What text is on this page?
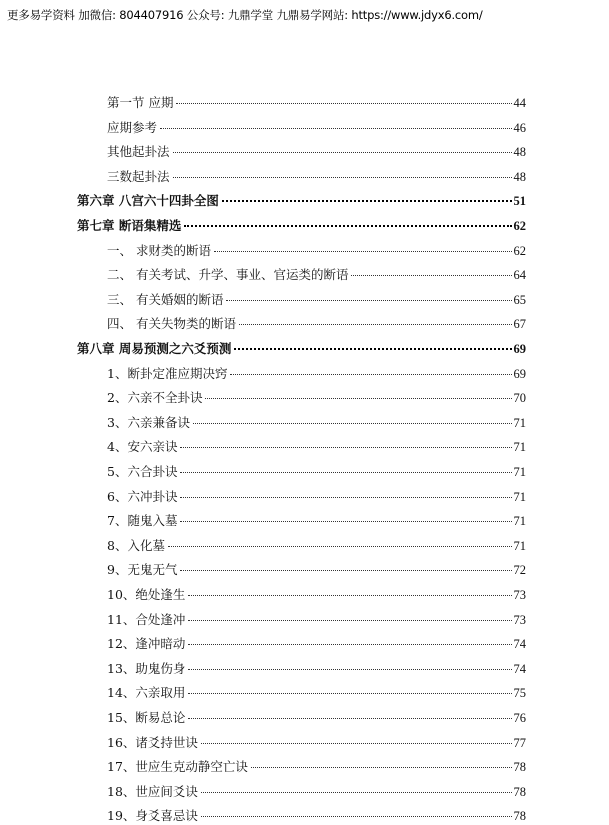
更多易学资料 加微信: 804407916 公众号: 九鼎学堂 九鼎易学网站: https://www.jdyx6.com/
第一节 应期	44
应期参考	46
其他起卦法	48
三数起卦法	48
第六章 八宫六十四卦全图	51
第七章 断语集精选	62
一、 求财类的断语	62
二、 有关考试、升学、事业、官运类的断语	64
三、 有关婚姻的断语	65
四、 有关失物类的断语	67
第八章 周易预测之六爻预测	69
1、断卦定准应期决窍	69
2、六亲不全卦诀	70
3、六亲兼备诀	71
4、安六亲诀	71
5、六合卦诀	71
6、六冲卦诀	71
7、随鬼入墓	71
8、入化墓	71
9、无鬼无气	72
10、绝处逢生	73
11、合处逢冲	73
12、逢冲暗动	74
13、助鬼伤身	74
14、六亲取用	75
15、断易总论	76
16、诸爻持世诀	77
17、世应生克动静空亡诀	78
18、世应间爻诀	78
19、身爻喜忌诀	78
